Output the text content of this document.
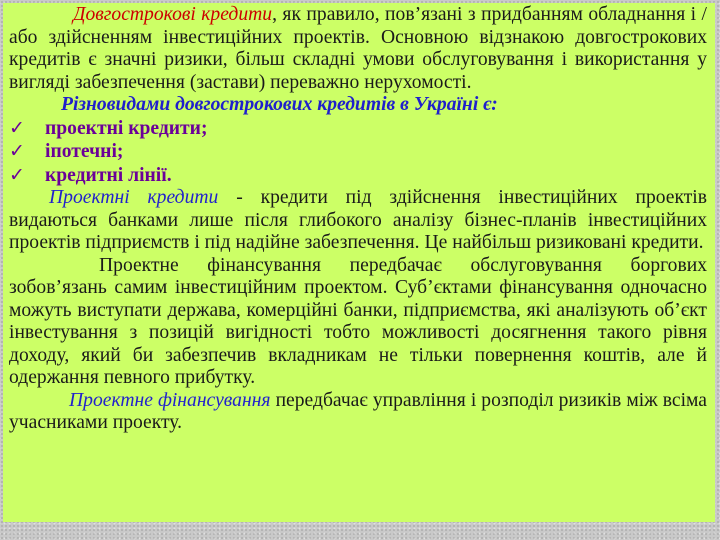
Довгострокові кредити, як правило, пов’язані з придбанням обладнання і / або здійсненням інвестиційних проектів. Основною відзнакою довгострокових кредитів є значні ризики, більш складні умови обслуговування і використання у вигляді забезпечення (застави) переважно нерухомості.

Різновидами довгострокових кредитів в Україні є:

✓	проектні кредити;
✓	іпотечні;
✓	кредитні лінії.

Проектні кредити - кредити під здійснення інвестиційних проектів видаються банками лише після глибокого аналізу бізнес-планів інвестиційних проектів підприємств і під надійне забезпечення. Це найбільш ризиковані кредити.

Проектне фінансування передбачає обслуговування боргових зобов’язань самим інвестиційним проектом. Суб’єктами фінансування одночасно можуть виступати держава, комерційні банки, підприємства, які аналізують об’єкт інвестування з позицій вигідності тобто можливості досягнення такого рівня доходу, який би забезпечив вкладникам не тільки повернення коштів, але й одержання певного прибутку.

Проектне фінансування передбачає управління і розподіл ризиків між всіма учасниками проекту.
